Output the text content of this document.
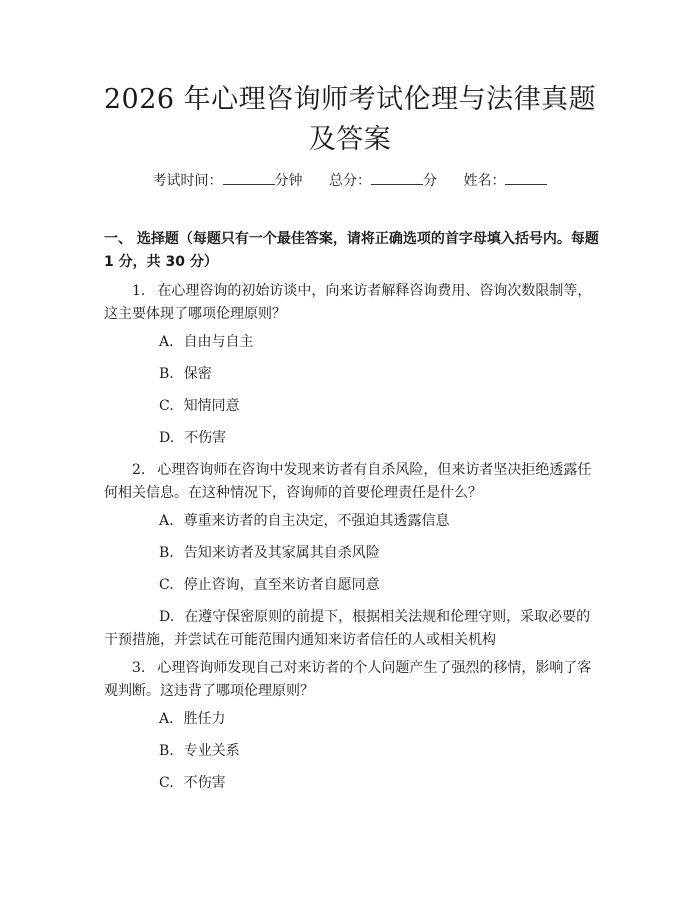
2026 年心理咨询师考试伦理与法律真题及答案
考试时间：	分钟 总分：	分 姓名：
一、 选择题（每题只有一个最佳答案，请将正确选项的首字母填入括号内。每题 1 分，共 30 分）
1. 在心理咨询的初始访谈中，向来访者解释咨询费用、咨询次数限制等，这主要体现了哪项伦理原则？
A. 自由与自主
B. 保密
C. 知情同意
D. 不伤害
2. 心理咨询师在咨询中发现来访者有自杀风险，但来访者坚决拒绝透露任何相关信息。在这种情况下，咨询师的首要伦理责任是什么？
A. 尊重来访者的自主决定，不强迫其透露信息
B. 告知来访者及其家属其自杀风险
C. 停止咨询，直至来访者自愿同意
D. 在遵守保密原则的前提下，根据相关法规和伦理守则，采取必要的干预措施，并尝试在可能范围内通知来访者信任的人或相关机构
3. 心理咨询师发现自己对来访者的个人问题产生了强烈的移情，影响了客观判断。这违背了哪项伦理原则？
A. 胜任力
B. 专业关系
C. 不伤害
